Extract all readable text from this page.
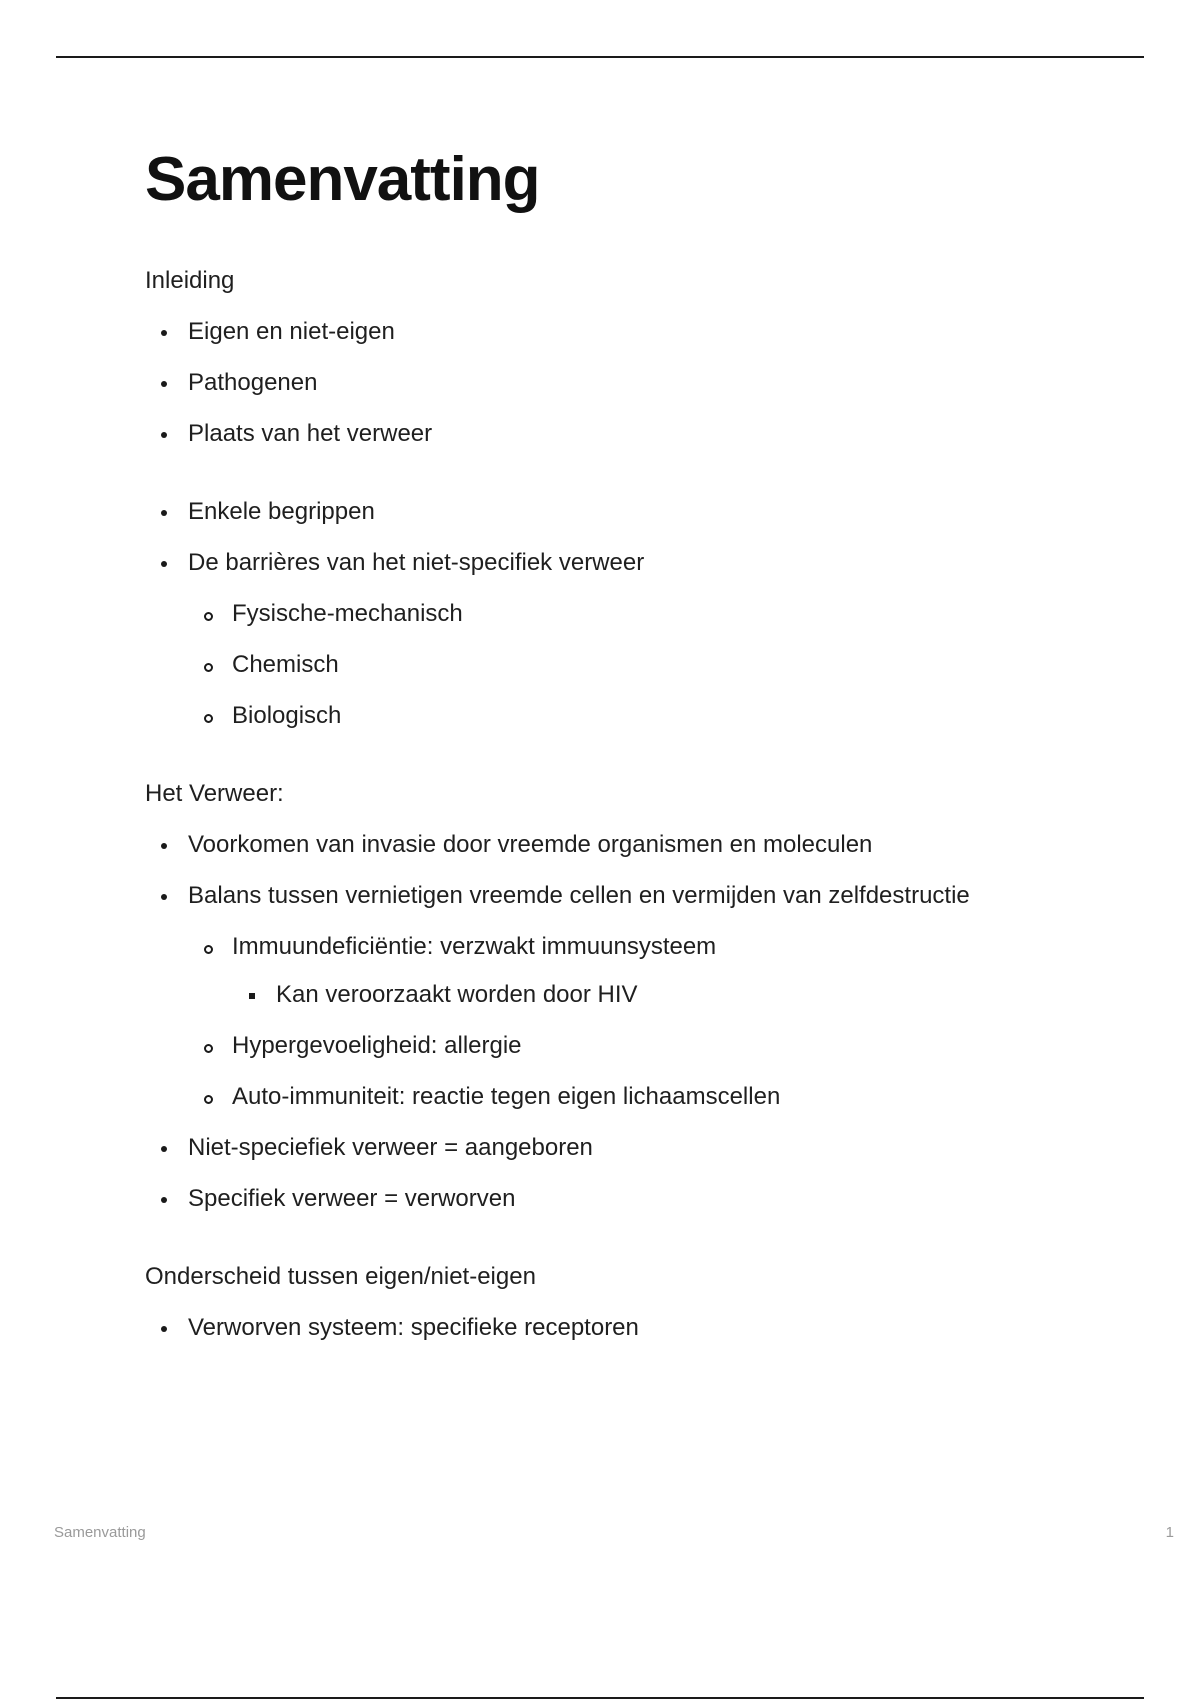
Samenvatting

Inleiding

Eigen en niet-eigen
Pathogenen
Plaats van het verweer
Enkele begrippen
De barrières van het niet-specifiek verweer
Fysische-mechanisch
Chemisch
Biologisch

Het Verweer:

Voorkomen van invasie door vreemde organismen en moleculen
Balans tussen vernietigen vreemde cellen en vermijden van zelfdestructie
Immuundeficiëntie: verzwakt immuunsysteem
Kan veroorzaakt worden door HIV
Hypergevoeligheid: allergie
Auto-immuniteit: reactie tegen eigen lichaamscellen
Niet-speciefiek verweer = aangeboren
Specifiek verweer = verworven

Onderscheid tussen eigen/niet-eigen

Verworven systeem: specifieke receptoren
Samenvatting	1
